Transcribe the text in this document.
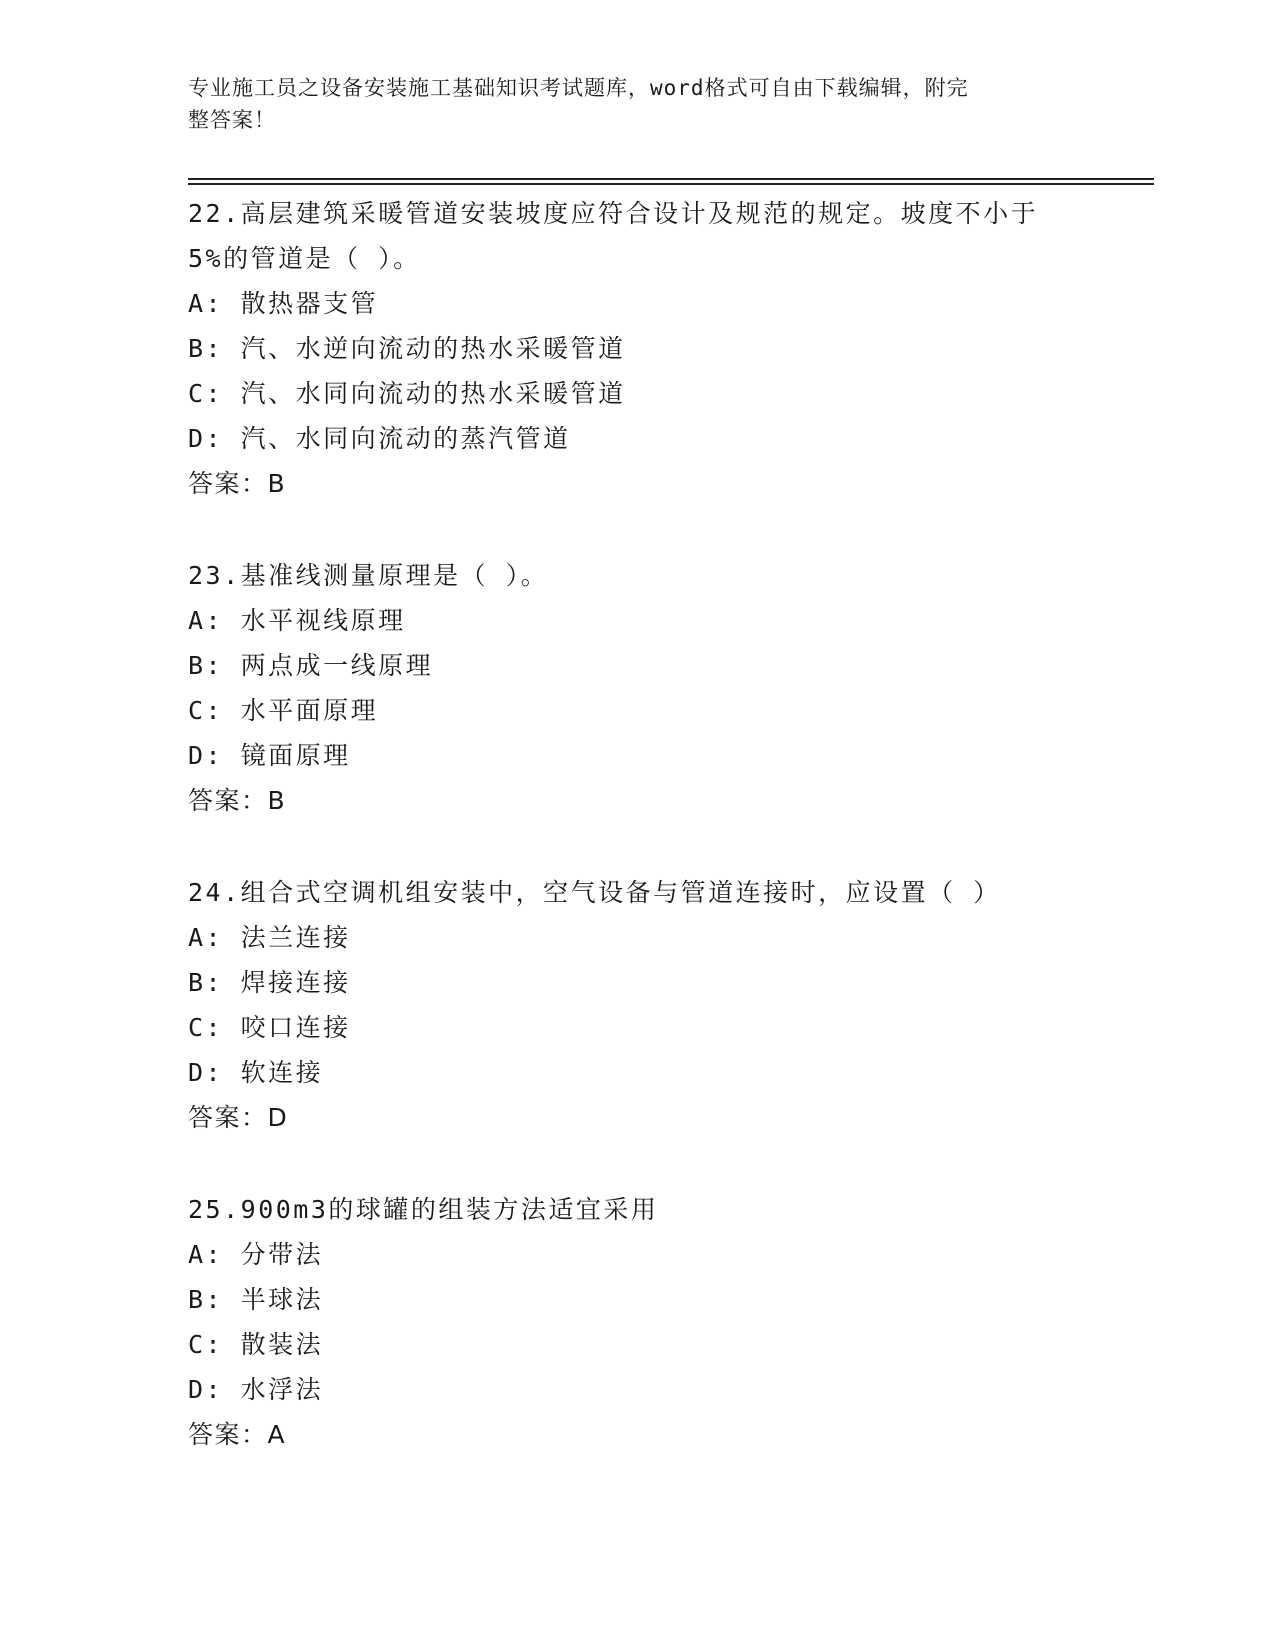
专业施工员之设备安装施工基础知识考试题库，word格式可自由下载编辑，附完
整答案！
22.高层建筑采暖管道安装坡度应符合设计及规范的规定。坡度不小于
5%的管道是（ ）。
A: 散热器支管
B: 汽、水逆向流动的热水采暖管道
C: 汽、水同向流动的热水采暖管道
D: 汽、水同向流动的蒸汽管道
答案：B
23.基准线测量原理是（ ）。
A: 水平视线原理
B: 两点成一线原理
C: 水平面原理
D: 镜面原理
答案：B
24.组合式空调机组安装中，空气设备与管道连接时，应设置（ ）
A: 法兰连接
B: 焊接连接
C: 咬口连接
D: 软连接
答案：D
25.900m3的球罐的组装方法适宜采用
A: 分带法
B: 半球法
C: 散装法
D: 水浮法
答案：A
